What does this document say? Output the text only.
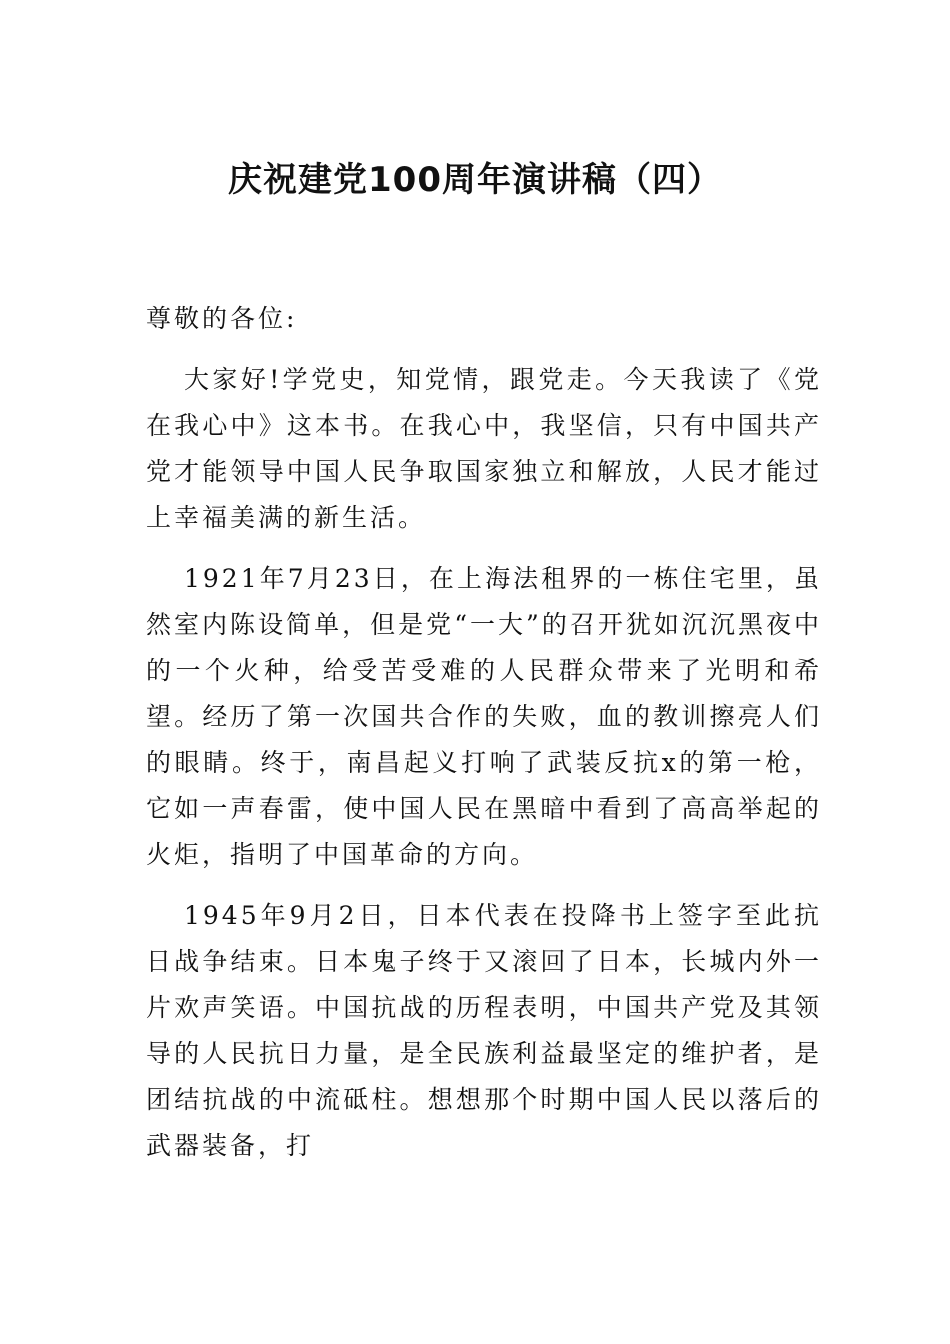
庆祝建党100周年演讲稿（四）

尊敬的各位:

大家好!学党史，知党情，跟党走。今天我读了《党在我心中》这本书。在我心中，我坚信，只有中国共产党才能领导中国人民争取国家独立和解放，人民才能过上幸福美满的新生活。

1921年7月23日，在上海法租界的一栋住宅里，虽然室内陈设简单，但是党“一大”的召开犹如沉沉黑夜中的一个火种，给受苦受难的人民群众带来了光明和希望。经历了第一次国共合作的失败，血的教训擦亮人们的眼睛。终于，南昌起义打响了武装反抗x的第一枪，它如一声春雷，使中国人民在黑暗中看到了高高举起的火炬，指明了中国革命的方向。

1945年9月2日，日本代表在投降书上签字至此抗日战争结束。日本鬼子终于又滚回了日本，长城内外一片欢声笑语。中国抗战的历程表明，中国共产党及其领导的人民抗日力量，是全民族利益最坚定的维护者，是团结抗战的中流砥柱。想想那个时期中国人民以落后的武器装备，打
